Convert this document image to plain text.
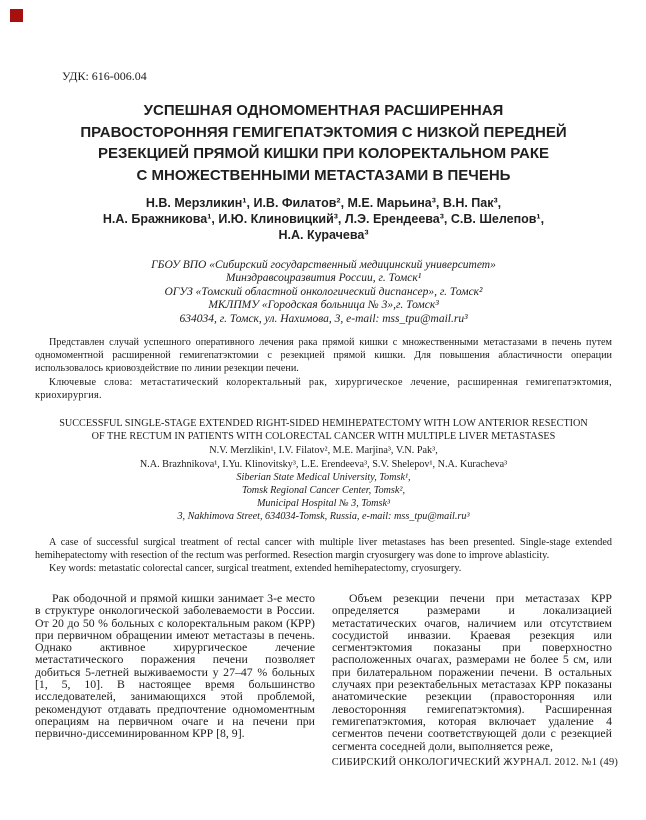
УДК: 616-006.04
УСПЕШНАЯ ОДНОМОМЕНТНАЯ РАСШИРЕННАЯ
ПРАВОСТОРОННЯЯ ГЕМИГЕПАТЭКТОМИЯ С НИЗКОЙ ПЕРЕДНЕЙ
РЕЗЕКЦИЕЙ ПРЯМОЙ КИШКИ ПРИ КОЛОРЕКТАЛЬНОМ РАКЕ
С МНОЖЕСТВЕННЫМИ МЕТАСТАЗАМИ В ПЕЧЕНЬ
Н.В. Мерзликин¹, И.В. Филатов², М.Е. Марьина³, В.Н. Пак³,
Н.А. Бражникова¹, И.Ю. Клиновицкий³, Л.Э. Ерендеева³, С.В. Шелепов¹,
Н.А. Курачева³
ГБОУ ВПО «Сибирский государственный медицинский университет»
Минздравсоцразвития России, г. Томск¹
ОГУЗ «Томский областной онкологический диспансер», г. Томск²
МКЛПМУ «Городская больница № 3»,г. Томск³
634034, г. Томск, ул. Нахимова, 3, e-mail: mss_tpu@mail.ru³

Представлен случай успешного оперативного лечения рака прямой кишки с множественными метастазами в печень путем одномоментной расширенной гемигепатэктомии с резекцией прямой кишки. Для повышения абластичности операции использовалось криовоздействие по линии резекции печени.

Ключевые слова: метастатический колоректальный рак, хирургическое лечение, расширенная гемигепатэктомия, криохирургия.

SUCCESSFUL SINGLE-STAGE EXTENDED RIGHT-SIDED HEMIHEPATECTOMY WITH LOW ANTERIOR RESECTION
OF THE RECTUM IN PATIENTS WITH COLORECTAL CANCER WITH MULTIPLE LIVER METASTASES
N.V. Merzlikin¹, I.V. Filatov², M.E. Marjina³, V.N. Pak³,
N.A. Brazhnikova¹, I.Yu. Klinovitsky³, L.E. Erendeeva³, S.V. Shelepov¹, N.A. Kuracheva³
Siberian State Medical University, Tomsk¹,
Tomsk Regional Cancer Center, Tomsk²,
Municipal Hospital № 3, Tomsk³
3, Nakhimova Street, 634034-Tomsk, Russia, e-mail: mss_tpu@mail.ru³

A case of successful surgical treatment of rectal cancer with multiple liver metastases has been presented. Single-stage extended hemihepatectomy with resection of the rectum was performed. Resection margin cryosurgery was done to improve ablasticity.

Key words: metastatic colorectal cancer, surgical treatment, extended hemihepatectomy, cryosurgery.

Рак ободочной и прямой кишки занимает 3-е место в структуре онкологической заболеваемости в России. От 20 до 50 % больных с колоректальным раком (КРР) при первичном обращении имеют метастазы в печень. Однако активное хирургическое лечение метастатического поражения печени позволяет добиться 5-летней выживаемости у 27–47 % больных [1, 5, 10]. В настоящее время большинство исследователей, занимающихся этой проблемой, рекомендуют отдавать предпочтение одномоментным операциям на первичном очаге и на печени при первично-диссеминированном КРР [8, 9].

Объем резекции печени при метастазах КРР определяется размерами и локализацией метастатических очагов, наличием или отсутствием сосудистой инвазии. Краевая резекция или сегментэктомия показаны при поверхностно расположенных очагах, размерами не более 5 см, или при билатеральном поражении печени. В остальных случаях при резектабельных метастазах КРР показаны анатомические резекции (правосторонняя или левосторонняя гемигепатэктомия). Расширенная гемигепатэктомия, которая включает удаление 4 сегментов печени соответствующей доли с резекцией сегмента соседней доли, выполняется реже,

СИБИРСКИЙ ОНКОЛОГИЧЕСКИЙ ЖУРНАЛ. 2012. №1 (49)
